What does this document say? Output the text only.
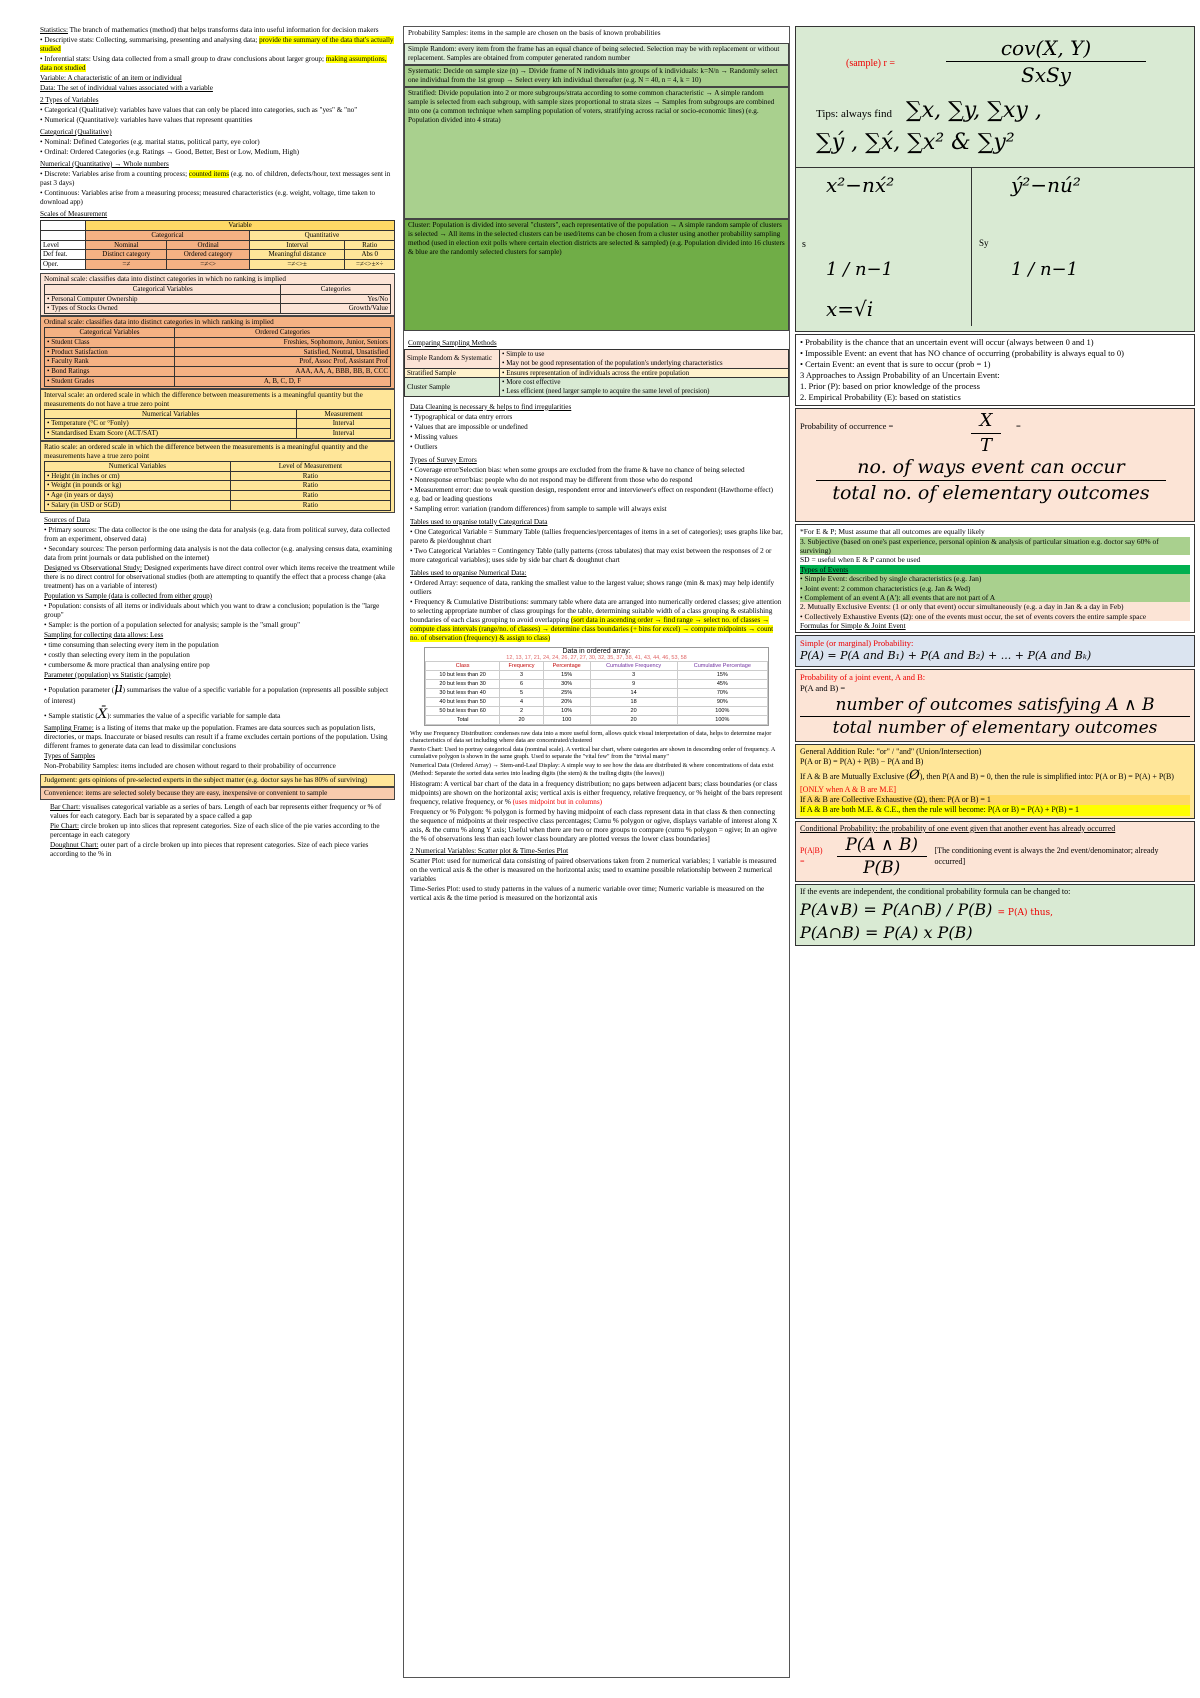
Statistics: The branch of mathematics (method) that helps transforms data into useful information for decision makers

• Descriptive stats: Collecting, summarising, presenting and analysing data; provide the summary of the data that's actually studied

• Inferential stats: Using data collected from a small group to draw conclusions about larger group; making assumptions, data not studied

Variable: A characteristic of an item or individual

Data: The set of individual values associated with a variable

2 Types of Variables

• Categorical (Qualitative): variables have values that can only be placed into categories, such as "yes" & "no"

• Numerical (Quantitative): variables have values that represent quantities

Categorical (Qualitative)

• Nominal: Defined Categories (e.g. marital status, political party, eye color)

• Ordinal: Ordered Categories (e.g. Ratings → Good, Better, Best or Low, Medium, High)

Numerical (Quantitative) → Whole numbers

• Discrete: Variables arise from a counting process; counted items (e.g. no. of children, defects/hour, text messages sent in past 3 days)

• Continuous: Variables arise from a measuring process; measured characteristics (e.g. weight, voltage, time taken to download app)

Scales of Measurement

	Variable			
	Categorical		Quantitative	
Level	Nominal	Ordinal	Interval	Ratio
Def feat.	Distinct category	Ordered category	Meaningful distance	Abs 0
Oper.	=≠	=≠<>	=≠<>±	=≠<>±×÷

Nominal scale: classifies data into distinct categories in which no ranking is implied

Categorical Variables	Categories
• Personal Computer Ownership	Yes/No
• Types of Stocks Owned	Growth/Value

Ordinal scale: classifies data into distinct categories in which ranking is implied

Categorical Variables	Ordered Categories
• Student Class	Freshies, Sophomore, Junior, Seniors
• Product Satisfaction	Satisfied, Neutral, Unsatisfied
• Faculty Rank	Prof, Assoc Prof, Assistant Prof
• Bond Ratings	AAA, AA, A, BBB, BB, B, CCC
• Student Grades	A, B, C, D, F

Interval scale: an ordered scale in which the difference between measurements is a meaningful quantity but the measurements do not have a true zero point

Numerical Variables	Measurement
• Temperature (°C or °Fonly)	Interval
• Standardised Exam Score (ACT/SAT)	Interval

Ratio scale: an ordered scale in which the difference between the measurements is a meaningful quantity and the measurements have a true zero point

Numerical Variables	Level of Measurement
• Height (in inches or cm)	Ratio
• Weight (in pounds or kg)	Ratio
• Age (in years or days)	Ratio
• Salary (in USD or SGD)	Ratio

Sources of Data

• Primary sources: The data collector is the one using the data for analysis (e.g. data from political survey, data collected from an experiment, observed data)

• Secondary sources: The person performing data analysis is not the data collector (e.g. analysing census data, examining data from print journals or data published on the internet)

Designed vs Observational Study: Designed experiments have direct control over which items receive the treatment while there is no direct control for observational studies (both are attempting to quantify the effect that a process change (aka treatment) has on a variable of interest)

Population vs Sample (data is collected from either group)

• Population: consists of all items or individuals about which you want to draw a conclusion; population is the "large group"

• Sample: is the portion of a population selected for analysis; sample is the "small group"

Sampling for collecting data allows: Less

• time consuming than selecting every item in the population

• costly than selecting every item in the population

• cumbersome & more practical than analysing entire pop

Parameter (population) vs Statistic (sample)

• Population parameter (μ) summarises the value of a specific variable for a population (represents all possible subject of interest)

• Sample statistic (X̄): summaries the value of a specific variable for sample data

Sampling Frame: is a listing of items that make up the population. Frames are data sources such as population lists, directories, or maps. Inaccurate or biased results can result if a frame excludes certain portions of the population. Using different frames to generate data can lead to dissimilar conclusions

Types of Samples

Non-Probability Samples: items included are chosen without regard to their probability of occurrence

Judgement: gets opinions of pre-selected experts in the subject matter (e.g. doctor says he has 80% of surviving)
Convenience: items are selected solely because they are easy, inexpensive or convenient to sample

Bar Chart: visualises categorical variable as a series of bars. Length of each bar represents either frequency or % of values for each category. Each bar is separated by a space called a gap

Pie Chart: circle broken up into slices that represent categories. Size of each slice of the pie varies according to the percentage in each category

Doughnut Chart: outer part of a circle broken up into pieces that represent categories. Size of each piece varies according to the % in

Probability Samples: items in the sample are chosen on the basis of known probabilities
Simple Random: every item from the frame has an equal chance of being selected. Selection may be with replacement or without replacement. Samples are obtained from computer generated random number
Systematic: Decide on sample size (n) → Divide frame of N individuals into groups of k individuals: k=N/n → Randomly select one individual from the 1st group → Select every kth individual thereafter (e.g. N = 40, n = 4, k = 10)
Stratified: Divide population into 2 or more subgroups/strata according to some common characteristic → A simple random sample is selected from each subgroup, with sample sizes proportional to strata sizes → Samples from subgroups are combined into one (a common technique when sampling population of voters, stratifying across racial or socio-economic lines) (e.g. Population divided into 4 strata)
Cluster: Population is divided into several "clusters", each representative of the population → A simple random sample of clusters is selected → All items in the selected clusters can be used/items can be chosen from a cluster using another probability sampling method (used in election exit polls where certain election districts are selected & sampled) (e.g. Population divided into 16 clusters & blue are the randomly selected clusters for sample)

Comparing Sampling Methods

Simple Random & Systematic	• Simple to use
• May not be good representation of the population's underlying characteristics
Stratified Sample	• Ensures representation of individuals across the entire population
Cluster Sample	• More cost effective
• Less efficient (need larger sample to acquire the same level of precision)

Data Cleaning is necessary & helps to find irregularities

• Typographical or data entry errors

• Values that are impossible or undefined

• Missing values

• Outliers

Types of Survey Errors

• Coverage error/Selection bias: when some groups are excluded from the frame & have no chance of being selected

• Nonresponse error/bias: people who do not respond may be different from those who do respond

• Measurement error: due to weak question design, respondent error and interviewer's effect on respondent (Hawthorne effect) e.g. bad or leading questions

• Sampling error: variation (random differences) from sample to sample will always exist

Tables used to organise totally Categorical Data

• One Categorical Variable = Summary Table (tallies frequencies/percentages of items in a set of categories); uses graphs like bar, pareto & pie/doughnut chart

• Two Categorical Variables = Contingency Table (tally patterns (cross tabulates) that may exist between the responses of 2 or more categorical variables); uses side by side bar chart & doughnut chart

Tables used to organise Numerical Data:

• Ordered Array: sequence of data, ranking the smallest value to the largest value; shows range (min & max) may help identify outliers

• Frequency & Cumulative Distributions: summary table where data are arranged into numerically ordered classes; give attention to selecting appropriate number of class groupings for the table, determining suitable width of a class grouping & establishing boundaries of each class grouping to avoid overlapping (sort data in ascending order → find range → select no. of classes → compute class intervals (range/no. of classes) → determine class boundaries (+ bins for excel) → compute midpoints → count no. of observation (frequency) & assign to class)

Data in ordered array:
12, 13, 17, 21, 24, 24, 26, 27, 27, 30, 32, 35, 37, 38, 41, 43, 44, 46, 53, 58
Class	Frequency	Percentage	Cumulative Frequency	Cumulative Percentage
10 but less than 20	3	15%	3	15%
20 but less than 30	6	30%	9	45%
30 but less than 40	5	25%	14	70%
40 but less than 50	4	20%	18	90%
50 but less than 60	2	10%	20	100%
Total	20	100	20	100%

Why use Frequency Distribution: condenses raw data into a more useful form, allows quick visual interpretation of data, helps to determine major characteristics of data set including where data are concentrated/clustered

Pareto Chart: Used to portray categorical data (nominal scale). A vertical bar chart, where categories are shown in descending order of frequency. A cumulative polygon is shown in the same graph. Used to separate the "vital few" from the "trivial many"

Numerical Data (Ordered Array) → Stem-and-Leaf Display: A simple way to see how the data are distributed & where concentrations of data exist (Method: Separate the sorted data series into leading digits (the stem) & the trailing digits (the leaves))

Histogram: A vertical bar chart of the data in a frequency distribution; no gaps between adjacent bars; class boundaries (or class midpoints) are shown on the horizontal axis; vertical axis is either frequency, relative frequency, or % height of the bars represent frequency, relative frequency, or % (uses midpoint but in columns)

Frequency or % Polygon: % polygon is formed by having midpoint of each class represent data in that class & then connecting the sequence of midpoints at their respective class percentages; Cumu % polygon or ogive, displays variable of interest along X axis, & the cumu % along Y axis; Useful when there are two or more groups to compare (cumu % polygon = ogive; In an ogive the % of observations less than each lower class boundary are plotted versus the lower class boundaries]

2 Numerical Variables: Scatter plot & Time-Series Plot

Scatter Plot: used for numerical data consisting of paired observations taken from 2 numerical variables; 1 variable is measured on the vertical axis & the other is measured on the horizontal axis; used to examine possible relationship between 2 numerical variables

Time-Series Plot: used to study patterns in the values of a numeric variable over time; Numeric variable is measured on the vertical axis & the time period is measured on the horizontal axis

(sample) r =
cov(X, Y)
SxSy
Tips: always find ∑x, ∑y, ∑xy ,
∑ý , ∑x́, ∑x² & ∑y²
s
x²−nx́²
1 / n−1
x=√i
Sy
ý²−nú²
1 / n−1

• Probability is the chance that an uncertain event will occur (always between 0 and 1)

• Impossible Event: an event that has NO chance of occurring (probability is always equal to 0)

• Certain Event: an event that is sure to occur (prob = 1)

3 Approaches to Assign Probability of an Uncertain Event:

1. Prior (P): based on prior knowledge of the process

2. Empirical Probability (E): based on statistics

Probability of occurrence =	$\frac{X}{T}$ =
no. of ways event can occur
total no. of elementary outcomes

*For E & P; Must assume that all outcomes are equally likely

3. Subjective (based on one's past experience, personal opinion & analysis of particular situation e.g. doctor say 60% of surviving)

SD = useful when E & P cannot be used

Types of Events

• Simple Event: described by single characteristics (e.g. Jan)

• Joint event: 2 common characteristics (e.g. Jan & Wed)

• Complement of an event A (A'): all events that are not part of A

2. Mutually Exclusive Events: (1 or only that event) occur simultaneously (e.g. a day in Jan & a day in Feb)

• Collectively Exhaustive Events (Ω): one of the events must occur, the set of events covers the entire sample space

Formulas for Simple & Joint Event

Simple (or marginal) Probability:

P(A) = P(A and B₁) + P(A and B₂) + ... + P(A and Bₖ)

Probability of a joint event, A and B:

P(A and B) =

number of outcomes satisfying A ∧ B
total number of elementary outcomes

General Addition Rule: "or" / "and" (Union/Intersection)

P(A or B) = P(A) + P(B) − P(A and B)

If A & B are Mutually Exclusive (Ø), then P(A and B) = 0, then the rule is simplified into: P(A or B) = P(A) + P(B)

[ONLY when A & B are M.E]

If A & B are Collective Exhaustive (Ω), then: P(A or B) = 1

If A & B are both M.E. & C.E., then the rule will become: P(A or B) = P(A) + P(B) = 1

Conditional Probability: the probability of one event given that another event has already occurred

P(A|B) =	$\frac{P(A \wedge B)}{P(B)} [The$ conditioning event is always the 2nd event/denominator; already occurred]

If the events are independent, the conditional probability formula can be changed to:

P(A∨B) = P(A∩B) / P(B) = P(A) thus,

P(A∩B) = P(A) x P(B)
